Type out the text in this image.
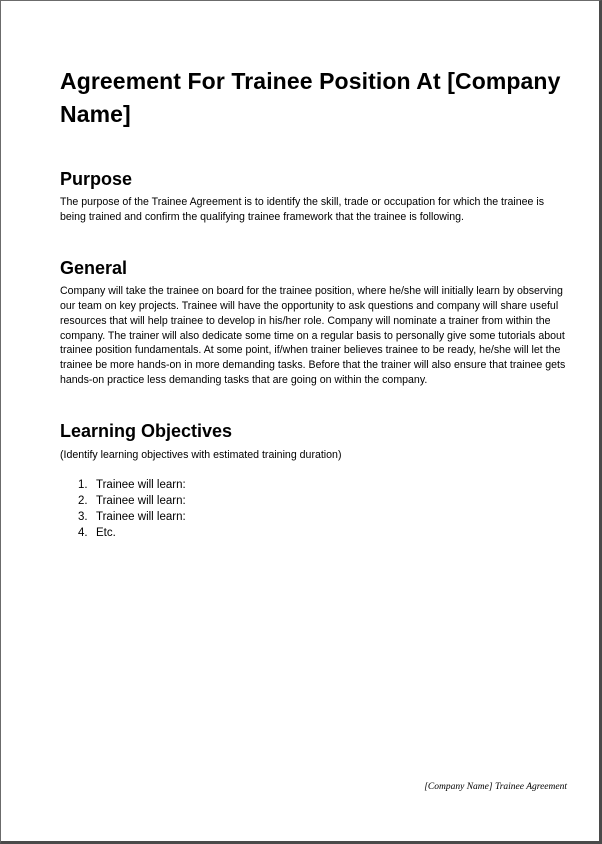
Agreement For Trainee Position At [Company Name]
Purpose

The purpose of the Trainee Agreement is to identify the skill, trade or occupation for which the trainee is being trained and confirm the qualifying trainee framework that the trainee is following.

General

Company will take the trainee on board for the trainee position, where he/she will initially learn by observing our team on key projects. Trainee will have the opportunity to ask questions and company will share useful resources that will help trainee to develop in his/her role. Company will nominate a trainer from within the company. The trainer will also dedicate some time on a regular basis to personally give some tutorials about trainee position fundamentals. At some point, if/when trainer believes trainee to be ready, he/she will let the trainee be more hands-on in more demanding tasks. Before that the trainer will also ensure that trainee gets hands-on practice less demanding tasks that are going on within the company.

Learning Objectives

(Identify learning objectives with estimated training duration)

1. Trainee will learn:
2. Trainee will learn:
3. Trainee will learn:
4. Etc.
[Company Name] Trainee Agreement
